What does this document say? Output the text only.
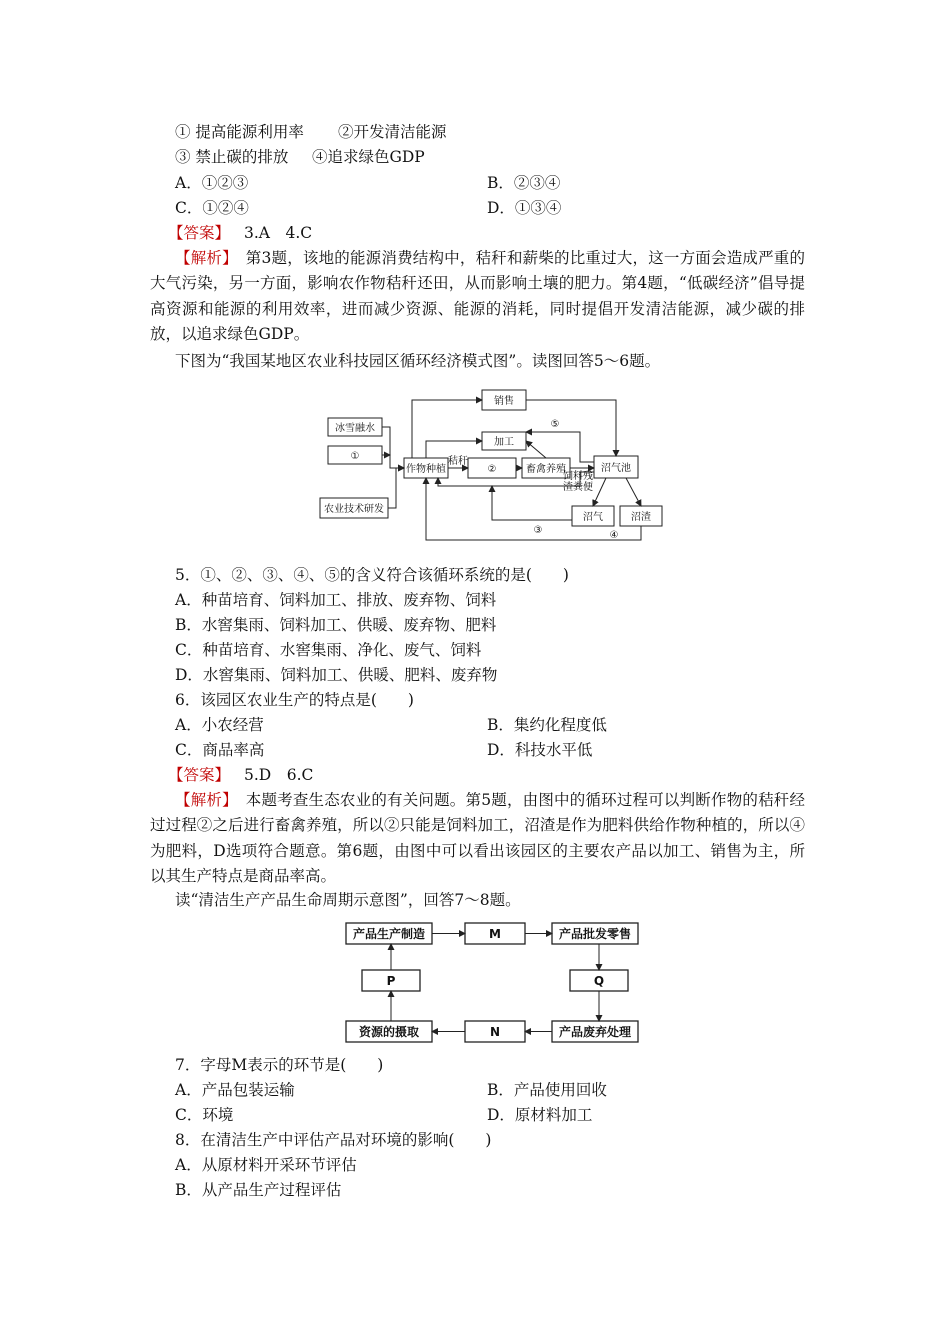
① 提高能源利用率 ②开发清洁能源
③ 禁止碳的排放 ④追求绿色GDP
A．①②③	B．②③④
C．①②④	D．①③④
【答案】 3.A　4.C
【解析】　 第3题，该地的能源消费结构中，秸秆和薪柴的比重过大，这一方面会造成严重的大气污染，另一方面，影响农作物秸秆还田，从而影响土壤的肥力。第4题，“低碳经济”倡导提高资源和能源的利用效率，进而减少资源、能源的消耗，同时提倡开发清洁能源，减少碳的排放，以追求绿色GDP。
下图为“我国某地区农业科技园区循环经济模式图”。读图回答5～6题。
销售
冰雪融水
①
农业技术研发
作物种植
秸秆
②
加工
畜禽养殖
饲料残
渣粪便
沼气池
⑤
沼气	沼渣
③	④
5．①、②、③、④、⑤的含义符合该循环系统的是(　　)
A．种苗培育、饲料加工、排放、废弃物、饲料
B．水窖集雨、饲料加工、供暖、废弃物、肥料
C．种苗培育、水窖集雨、净化、废气、饲料
D．水窖集雨、饲料加工、供暖、肥料、废弃物
6．该园区农业生产的特点是(　　)
A．小农经营	B．集约化程度低
C．商品率高	D．科技水平低
【答案】 5.D　6.C
【解析】　 本题考查生态农业的有关问题。第5题，由图中的循环过程可以判断作物的秸秆经过过程②之后进行畜禽养殖，所以②只能是饲料加工，沼渣是作为肥料供给作物种植的，所以④为肥料，D选项符合题意。第6题，由图中可以看出该园区的主要农产品以加工、销售为主，所以其生产特点是商品率高。
读“清洁生产产品生命周期示意图”，回答7～8题。
产品生产制造	M	产品批发零售
P	Q
资源的摄取	N	产品废弃处理
7．字母M表示的环节是(　　)
A．产品包装运输	B．产品使用回收
C．环境	D．原材料加工
8．在清洁生产中评估产品对环境的影响(　　)
A．从原材料开采环节评估
B．从产品生产过程评估
